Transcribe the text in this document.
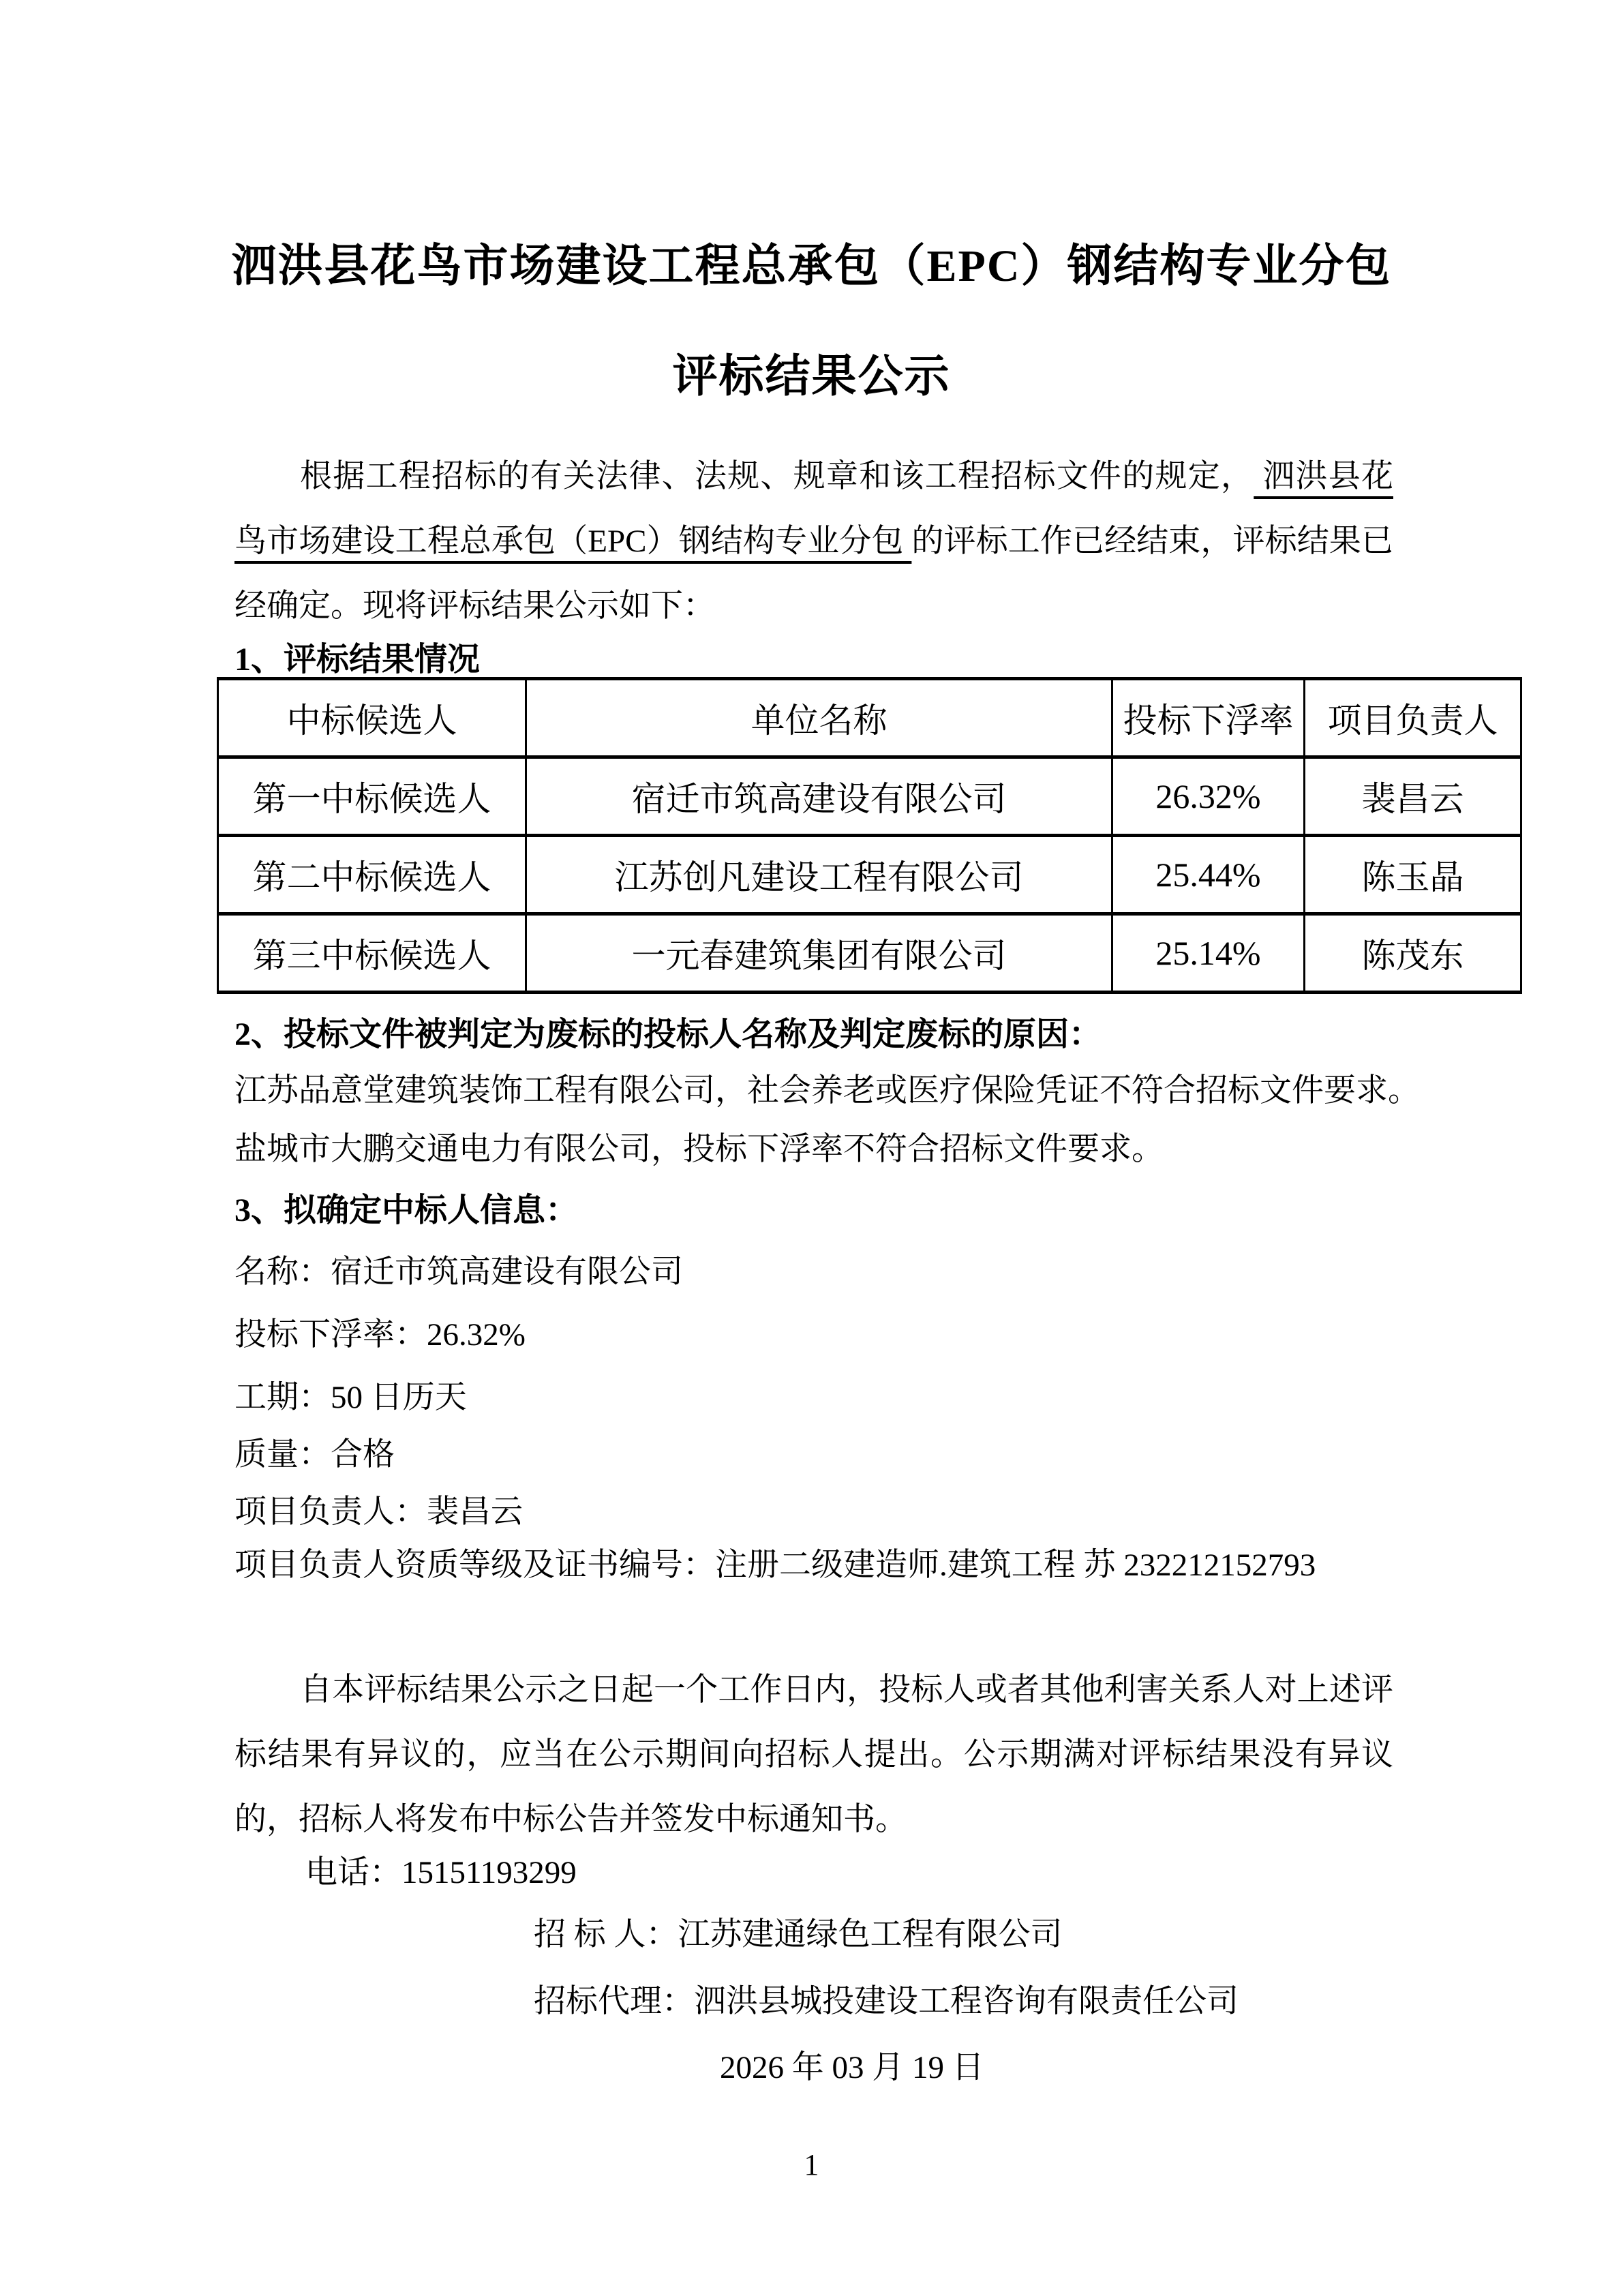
泗洪县花鸟市场建设工程总承包（EPC）钢结构专业分包
评标结果公示
根据工程招标的有关法律、法规、规章和该工程招标文件的规定， 泗洪县花鸟市场建设工程总承包（EPC）钢结构专业分包 的评标工作已经结束，评标结果已经确定。现将评标结果公示如下：
1、评标结果情况
中标候选人	单位名称	投标下浮率	项目负责人
第一中标候选人	宿迁市筑高建设有限公司	26.32%	裴昌云
第二中标候选人	江苏创凡建设工程有限公司	25.44%	陈玉晶
第三中标候选人	一元春建筑集团有限公司	25.14%	陈茂东
2、投标文件被判定为废标的投标人名称及判定废标的原因：
江苏品意堂建筑装饰工程有限公司，社会养老或医疗保险凭证不符合招标文件要求。
盐城市大鹏交通电力有限公司，投标下浮率不符合招标文件要求。
3、拟确定中标人信息：
名称：宿迁市筑高建设有限公司
投标下浮率：26.32%
工期：50 日历天
质量：合格
项目负责人：裴昌云
项目负责人资质等级及证书编号：注册二级建造师.建筑工程 苏 232212152793
自本评标结果公示之日起一个工作日内，投标人或者其他利害关系人对上述评标结果有异议的，应当在公示期间向招标人提出。公示期满对评标结果没有异议的，招标人将发布中标公告并签发中标通知书。
电话：15151193299
招 标 人：江苏建通绿色工程有限公司
招标代理：泗洪县城投建设工程咨询有限责任公司
2026 年 03 月 19 日
1
